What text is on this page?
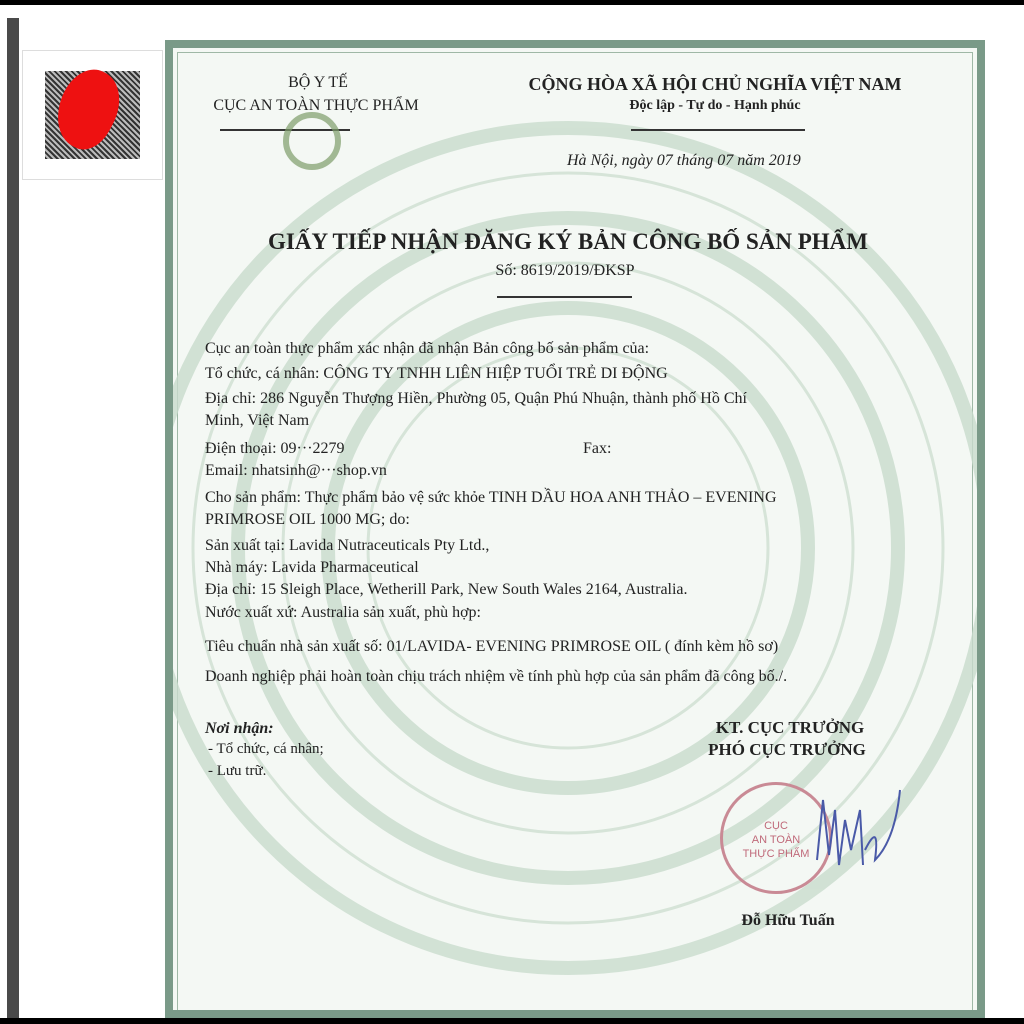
BỘ Y TẾ
CỤC AN TOÀN THỰC PHẨM
CỘNG HÒA XÃ HỘI CHỦ NGHĨA VIỆT NAM
Độc lập - Tự do - Hạnh phúc
Hà Nội, ngày 07 tháng 07 năm 2019
GIẤY TIẾP NHẬN ĐĂNG KÝ BẢN CÔNG BỐ SẢN PHẨM
Số: 8619/2019/ĐKSP
Cục an toàn thực phẩm xác nhận đã nhận Bản công bố sản phẩm của:
Tổ chức, cá nhân: CÔNG TY TNHH LIÊN HIỆP TUỔI TRẺ DI ĐỘNG
Địa chỉ: 286 Nguyễn Thượng Hiền, Phường 05, Quận Phú Nhuận, thành phố Hồ Chí
Minh, Việt Nam
Điện thoại: 09···2279	Fax:
Email: nhatsinh@···shop.vn
Cho sản phẩm: Thực phẩm bảo vệ sức khỏe TINH DẦU HOA ANH THẢO – EVENING
PRIMROSE OIL 1000 MG; do:
Sản xuất tại: Lavida Nutraceuticals Pty Ltd.,
Nhà máy: Lavida Pharmaceutical
Địa chỉ: 15 Sleigh Place, Wetherill Park, New South Wales 2164, Australia.
Nước xuất xứ: Australia sản xuất, phù hợp:
Tiêu chuẩn nhà sản xuất số: 01/LAVIDA- EVENING PRIMROSE OIL ( đính kèm hồ sơ)
Doanh nghiệp phải hoàn toàn chịu trách nhiệm về tính phù hợp của sản phẩm đã công bố./.
Nơi nhận:
- Tổ chức, cá nhân;
- Lưu trữ.
KT. CỤC TRƯỞNG
PHÓ CỤC TRƯỞNG
CỤC
AN TOÀN
THỰC PHẨM
Đỗ Hữu Tuấn
